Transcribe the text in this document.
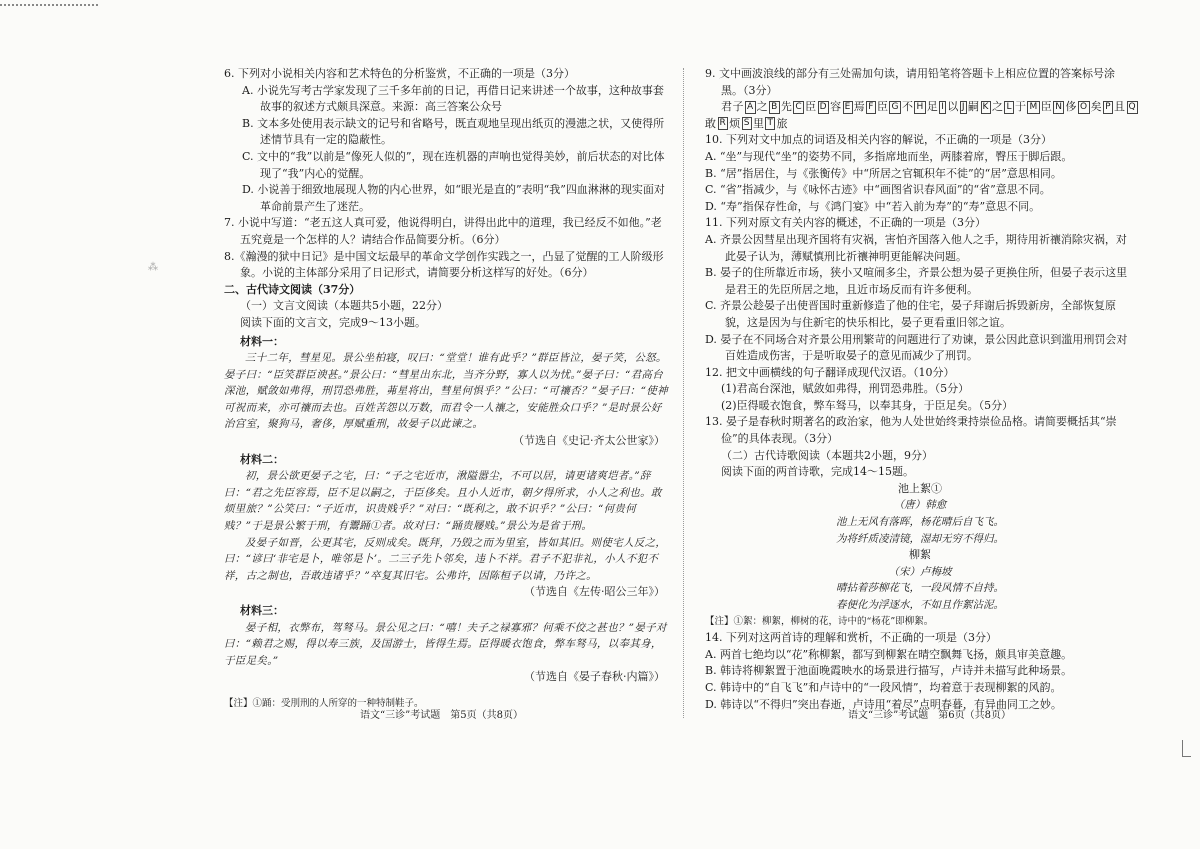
⁂

6. 下列对小说相关内容和艺术特色的分析鉴赏，不正确的一项是（3分）

A. 小说先写考古学家发现了三千多年前的日记，再借日记来讲述一个故事，这种故事套故事的叙述方式颇具深意。来源：高三答案公众号

B. 文本多处使用表示缺文的记号和省略号，既直观地呈现出纸页的漫漶之状，又使得所述情节具有一定的隐蔽性。

C. 文中的“我”以前是“像死人似的”，现在连机器的声响也觉得美妙，前后状态的对比体现了“我”内心的觉醒。

D. 小说善于细致地展现人物的内心世界，如“眼光是直的”表明“我”四血淋淋的现实面对革命前景产生了迷茫。

7. 小说中写道：“老五这人真可爱，他说得明白，讲得出此中的道理，我已经反不如他。”老五究竟是一个怎样的人？请结合作品简要分析。（6分）

8.《瀚漫的狱中日记》是中国文坛最早的革命文学创作实践之一，凸显了觉醒的工人阶级形象。小说的主体部分采用了日记形式，请简要分析这样写的好处。（6分）

二、古代诗文阅读（37分）

（一）文言文阅读（本题共5小题，22分）

阅读下面的文言文，完成9～13小题。

材料一：

三十二年，彗星见。景公坐柏寝，叹曰：“堂堂！谁有此乎？”群臣皆泣，晏子笑，公怒。晏子曰：“臣笑群臣谀甚。”景公曰：“彗星出东北，当齐分野，寡人以为忧。”晏子曰：“君高台深池，赋敛如弗得，刑罚恐弗胜，茀星将出，彗星何惧乎？”公曰：“可禳否？”晏子曰：“使神可祝而来，亦可禳而去也。百姓苦怨以万数，而君令一人禳之，安能胜众口乎？”是时景公好治宫室，聚狗马，奢侈，厚赋重刑，故晏子以此谏之。

（节选自《史记·齐太公世家》）

材料二：

初，景公欲更晏子之宅，曰：“子之宅近市，湫隘嚣尘，不可以居，请更诸爽垲者。”辞曰：“君之先臣容焉，臣不足以嗣之，于臣侈矣。且小人近市，朝夕得所求，小人之利也。敢烦里旅？”公笑曰：“子近市，识贵贱乎？”对曰：“既利之，敢不识乎？”公曰：“何贵何贱？”于是景公繁于刑，有鬻踊①者。故对曰：“踊贵屦贱。”景公为是省于刑。

及晏子如晋，公更其宅，反则成矣。既拜，乃毁之而为里室，皆如其旧。则使宅人反之，曰：“谚曰‘非宅是卜，唯邻是卜’。二三子先卜邻矣，违卜不祥。君子不犯非礼，小人不犯不祥，古之制也，吾敢违诸乎？”卒复其旧宅。公弗许，因陈桓子以请，乃许之。

（节选自《左传·昭公三年》）

材料三：

晏子相，衣弊布，驾驽马。景公见之曰：“嘻！夫子之禄寡邪？何乘不佼之甚也？”晏子对曰：“赖君之赐，得以寿三族，及国游士，皆得生焉。臣得暖衣饱食，弊车驽马，以奉其身，于臣足矣。”

（节选自《晏子春秋·内篇》）

【注】①踊：受刖刑的人所穿的一种特制鞋子。

语文“三诊”考试题　第5页（共8页）

9. 文中画波浪线的部分有三处需加句读，请用铅笔将答题卡上相应位置的答案标号涂黑。（3分）

君子 A 之 B 先 C 臣 D 容 E 焉 F 臣 G 不 H 足 I 以 J 嗣 K 之 L 于 M 臣 N 侈 O 矣 P 且 Q

敢 R 烦 S 里 T 旅

10. 下列对文中加点的词语及相关内容的解说，不正确的一项是（3分）

A. “坐”与现代“坐”的姿势不同，多指席地而坐，两膝着席，臀压于脚后跟。

B. “居”指居住，与《张衡传》中“所居之官辄积年不徙”的“居”意思相同。

C. “省”指减少，与《咏怀古迹》中“画图省识春风面”的“省”意思不同。

D. “寿”指保存性命，与《鸿门宴》中“若入前为寿”的“寿”意思不同。

11. 下列对原文有关内容的概述，不正确的一项是（3分）

A. 齐景公因彗星出现齐国将有灾祸，害怕齐国落入他人之手，期待用祈禳消除灾祸，对此晏子认为，薄赋慎刑比祈禳神明更能解决问题。

B. 晏子的住所靠近市场，狭小又喧闹多尘，齐景公想为晏子更换住所，但晏子表示这里是君王的先臣所居之地，且近市场反而有许多便利。

C. 齐景公趁晏子出使晋国时重新修造了他的住宅，晏子拜谢后拆毁新房，全部恢复原貌，这是因为与住新宅的快乐相比，晏子更看重旧邻之谊。

D. 晏子在不同场合对齐景公用刑繁苛的问题进行了劝谏，景公因此意识到滥用刑罚会对百姓造成伤害，于是听取晏子的意见而减少了刑罚。

12. 把文中画横线的句子翻译成现代汉语。（10分）

(1)君高台深池，赋敛如弗得，刑罚恐弗胜。（5分）

(2)臣得暖衣饱食，弊车驽马，以奉其身，于臣足矣。（5分）

13. 晏子是春秋时期著名的政治家，他为人处世始终秉持崇俭品格。请简要概括其“崇俭”的具体表现。（3分）

（二）古代诗歌阅读（本题共2小题，9分）

阅读下面的两首诗歌，完成14～15题。

池上絮①

（唐）韩愈

池上无风有落晖，杨花晴后自飞飞。

为将纤质凌清镜，湿却无穷不得归。

柳絮

（宋）卢梅坡

晴拈着莎柳花飞，一段风情不自持。

春便化为浮逐水，不如且作絮沾泥。

【注】①絮：柳絮，柳树的花，诗中的“杨花”即柳絮。

14. 下列对这两首诗的理解和赏析，不正确的一项是（3分）

A. 两首七绝均以“花”称柳絮，都写到柳絮在晴空飘舞飞扬，颇具审美意趣。

B. 韩诗将柳絮置于池面晚霞映水的场景进行描写，卢诗并未描写此种场景。

C. 韩诗中的“自飞飞”和卢诗中的“一段风情”，均着意于表现柳絮的风韵。

D. 韩诗以“不得归”突出春逝，卢诗用“着尽”点明春暮，有异曲同工之妙。

语文“三诊”考试题　第6页（共8页）
